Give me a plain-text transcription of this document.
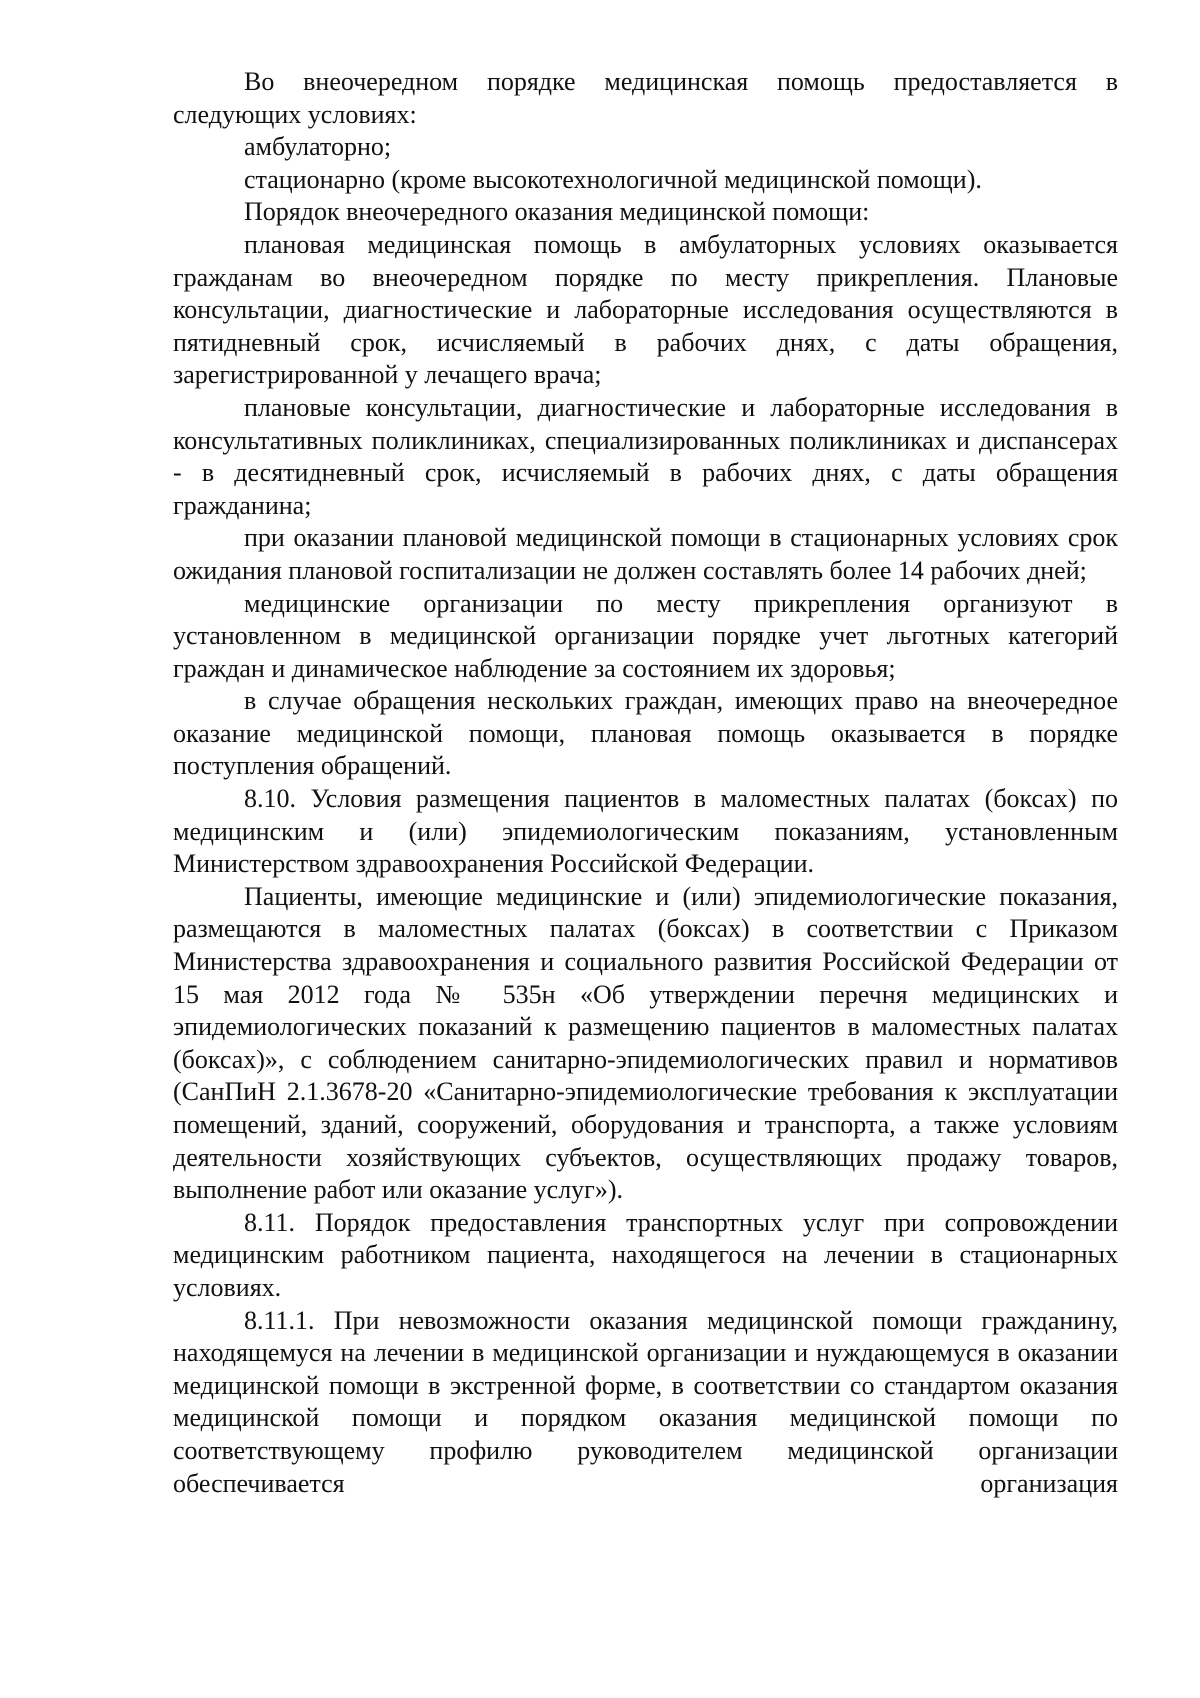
Во внеочередном порядке медицинская помощь предоставляется в следующих условиях:

амбулаторно;

стационарно (кроме высокотехнологичной медицинской помощи).

Порядок внеочередного оказания медицинской помощи:

плановая медицинская помощь в амбулаторных условиях оказывается гражданам во внеочередном порядке по месту прикрепления. Плановые консультации, диагностические и лабораторные исследования осуществляются в пятидневный срок, исчисляемый в рабочих днях, с даты обращения, зарегистрированной у лечащего врача;

плановые консультации, диагностические и лабораторные исследования в консультативных поликлиниках, специализированных поликлиниках и диспансерах - в десятидневный срок, исчисляемый в рабочих днях, с даты обращения гражданина;

при оказании плановой медицинской помощи в стационарных условиях срок ожидания плановой госпитализации не должен составлять более 14 рабочих дней;

медицинские организации по месту прикрепления организуют в установленном в медицинской организации порядке учет льготных категорий граждан и динамическое наблюдение за состоянием их здоровья;

в случае обращения нескольких граждан, имеющих право на внеочередное оказание медицинской помощи, плановая помощь оказывается в порядке поступления обращений.

8.10. Условия размещения пациентов в маломестных палатах (боксах) по медицинским и (или) эпидемиологическим показаниям, установленным Министерством здравоохранения Российской Федерации.

Пациенты, имеющие медицинские и (или) эпидемиологические показания, размещаются в маломестных палатах (боксах) в соответствии с Приказом Министерства здравоохранения и социального развития Российской Федерации от 15 мая 2012 года № 535н «Об утверждении перечня медицинских и эпидемиологических показаний к размещению пациентов в маломестных палатах (боксах)», с соблюдением санитарно-эпидемиологических правил и нормативов (СанПиН 2.1.3678-20 «Санитарно-эпидемиологические требования к эксплуатации помещений, зданий, сооружений, оборудования и транспорта, а также условиям деятельности хозяйствующих субъектов, осуществляющих продажу товаров, выполнение работ или оказание услуг»).

8.11. Порядок предоставления транспортных услуг при сопровождении медицинским работником пациента, находящегося на лечении в стационарных условиях.

8.11.1. При невозможности оказания медицинской помощи гражданину, находящемуся на лечении в медицинской организации и нуждающемуся в оказании медицинской помощи в экстренной форме, в соответствии со стандартом оказания медицинской помощи и порядком оказания медицинской помощи по соответствующему профилю руководителем медицинской организации обеспечивается организация
